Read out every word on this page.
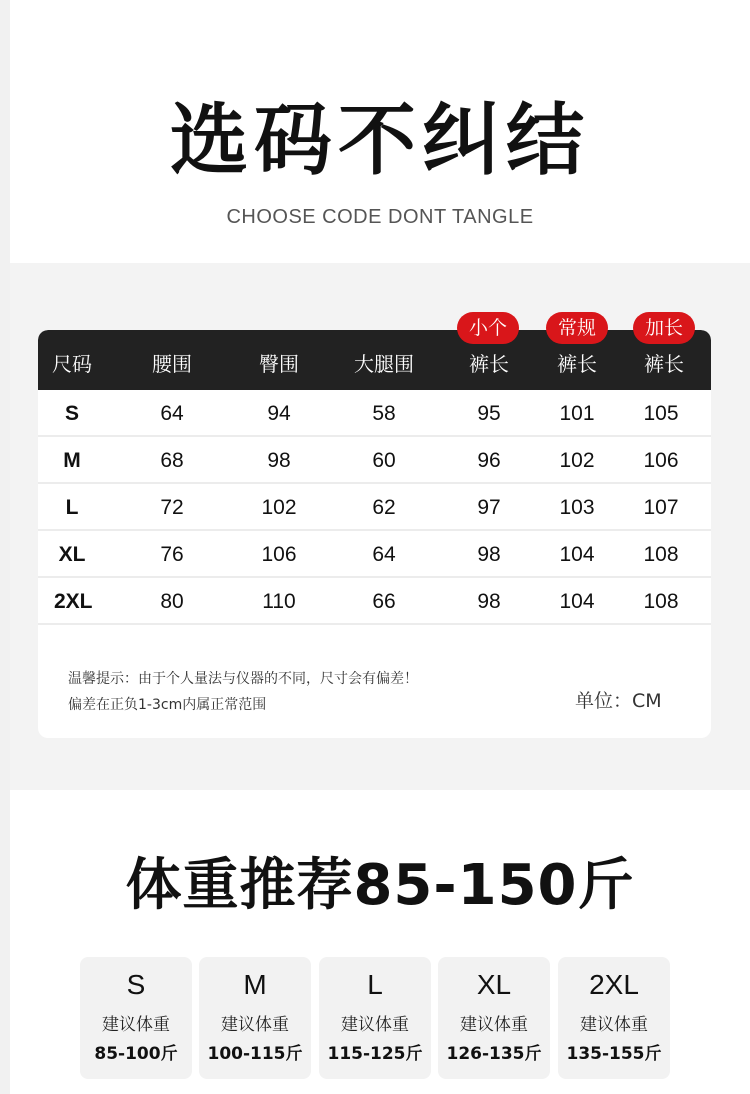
选码不纠结
CHOOSE CODE DONT TANGLE
尺码	腰围	臀围	大腿围	裤长 裤长 裤长
S	64	94	58	95	101	105
M	68	98	60	96	102	106
L	72	102	62	97	103	107
XL	76	106	64	98	104	108
2XL	80	110	66	98	104	108
小个	常规	加长
温馨提示：由于个人量法与仪器的不同，尺寸会有偏差！
偏差在正负1-3cm内属正常范围	单位：CM
体重推荐85-150斤
S
建议体重
85-100斤
M
建议体重
100-115斤
L
建议体重
115-125斤
XL
建议体重
126-135斤
2XL
建议体重
135-155斤
